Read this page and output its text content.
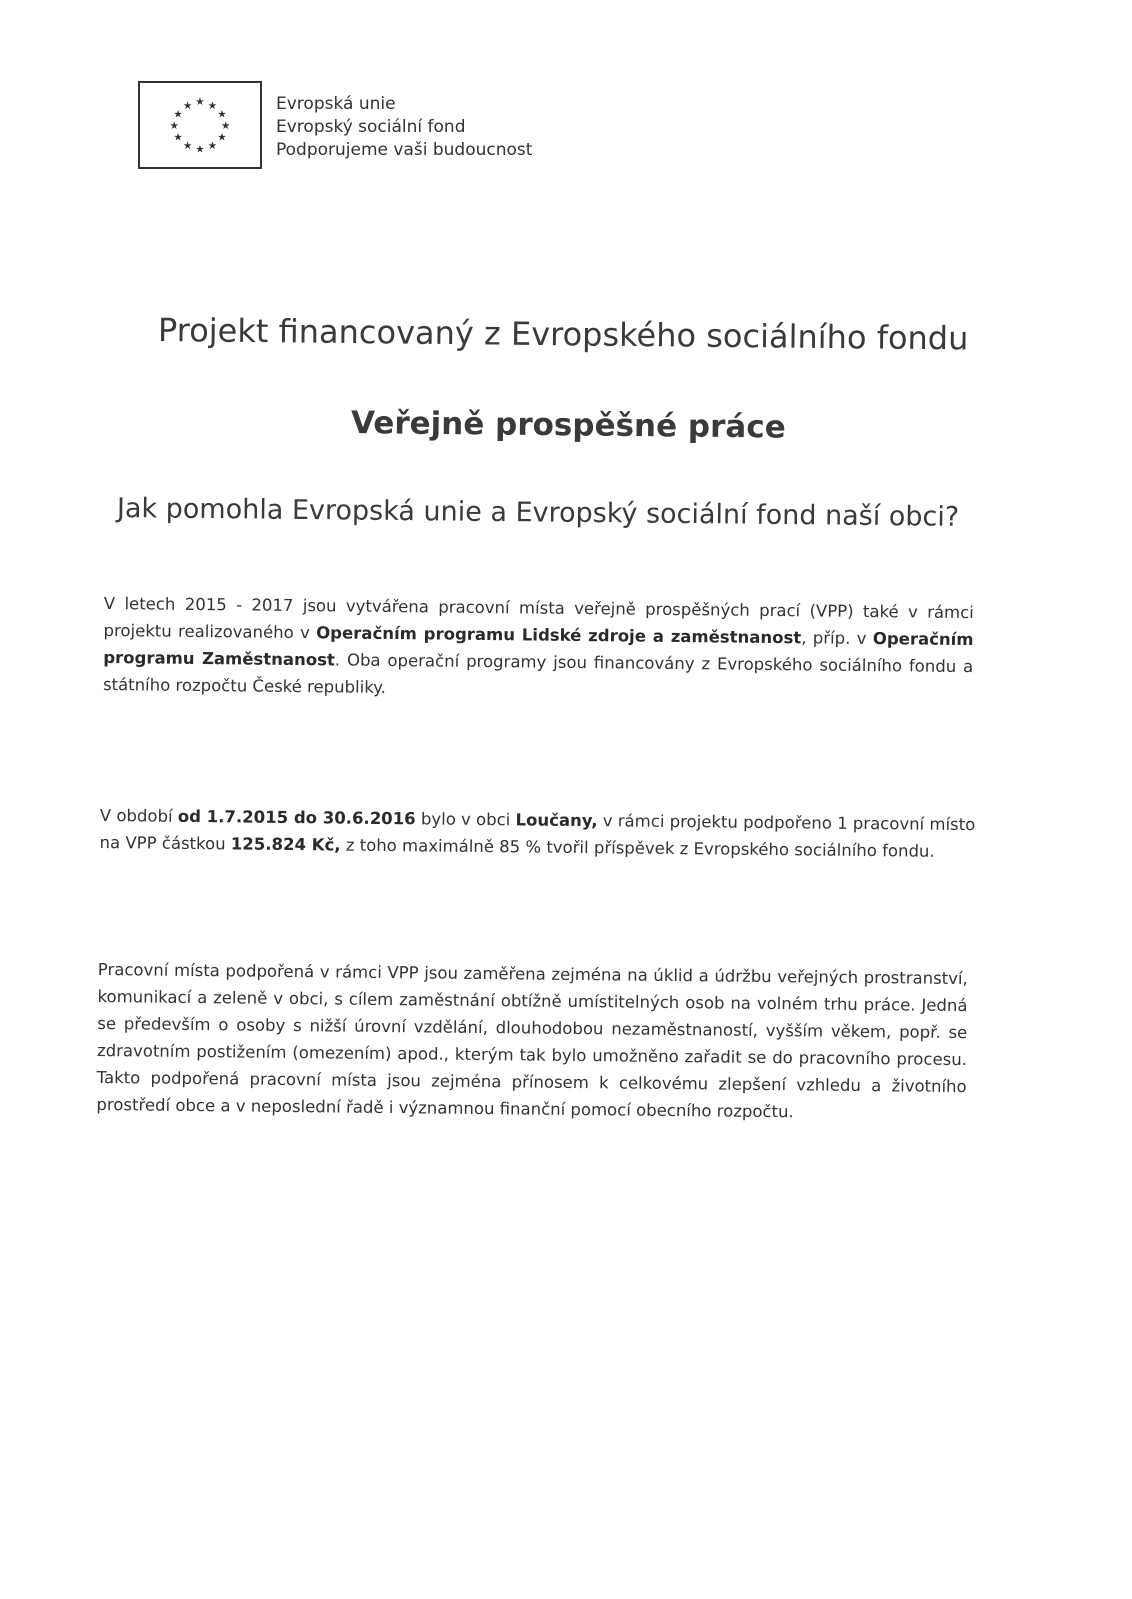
★ ★
★
★
★
★
★
★
★
★
★
★	Evropská unie
Evropský sociální fond
Podporujeme vaši budoucnost
Projekt financovaný z Evropského sociálního fondu
Veřejně prospěšné práce
Jak pomohla Evropská unie a Evropský sociální fond naší obci?
V letech 2015 - 2017 jsou vytvářena pracovní místa veřejně prospěšných prací (VPP) také v rámci
projektu realizovaného v Operačním programu Lidské zdroje a zaměstnanost, příp. v Operačním
programu Zaměstnanost. Oba operační programy jsou financovány z Evropského sociálního fondu a
státního rozpočtu České republiky.
V období od 1.7.2015 do 30.6.2016 bylo v obci Loučany, v rámci projektu podpořeno 1 pracovní místo
na VPP částkou 125.824 Kč, z toho maximálně 85 % tvořil příspěvek z Evropského sociálního fondu.
Pracovní místa podpořená v rámci VPP jsou zaměřena zejména na úklid a údržbu veřejných prostranství,
komunikací a zeleně v obci, s cílem zaměstnání obtížně umístitelných osob na volném trhu práce. Jedná
se především o osoby s nižší úrovní vzdělání, dlouhodobou nezaměstnaností, vyšším věkem, popř. se
zdravotním postižením (omezením) apod., kterým tak bylo umožněno zařadit se do pracovního procesu.
Takto podpořená pracovní místa jsou zejména přínosem k celkovému zlepšení vzhledu a životního
prostředí obce a v neposlední řadě i významnou finanční pomocí obecního rozpočtu.
